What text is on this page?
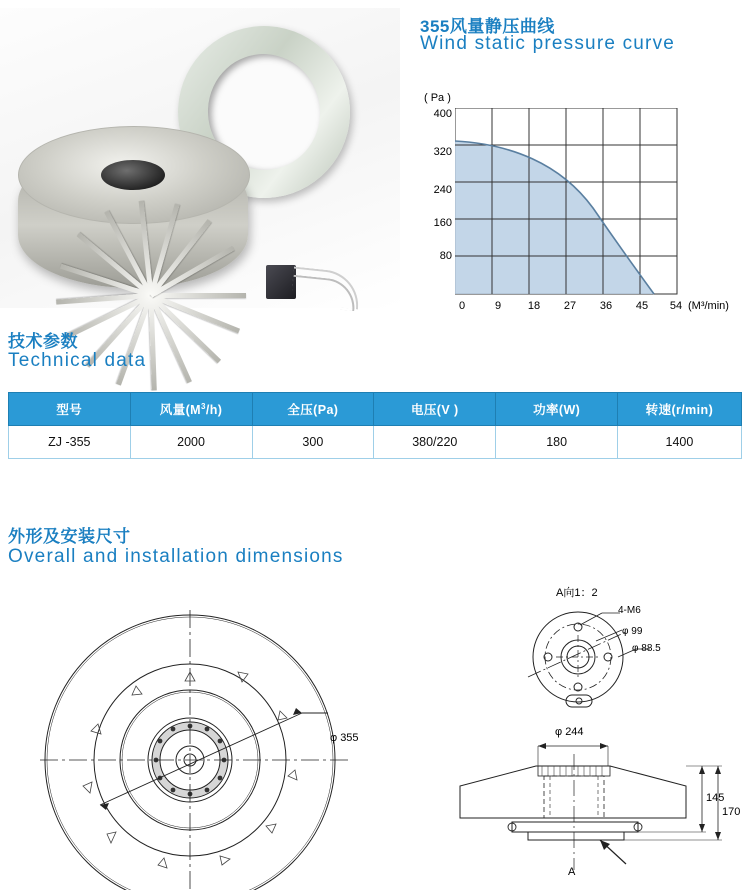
355风量静压曲线
Wind static pressure curve
( Pa )
(M³/min)
400
320
240
160
80
0	9	18	27	36	45	54
技术参数
Technical data
型号	风量$(M^3/h)$	全压(Pa)	电压(V )	功率(W)	转速(r/min)
ZJ -355	2000	300	380/220	180	1400
外形及安装尺寸
Overall and installation dimensions
φ 355
A向1：2
4-M6
φ 99
φ 88.5
φ 244
145
170
A
